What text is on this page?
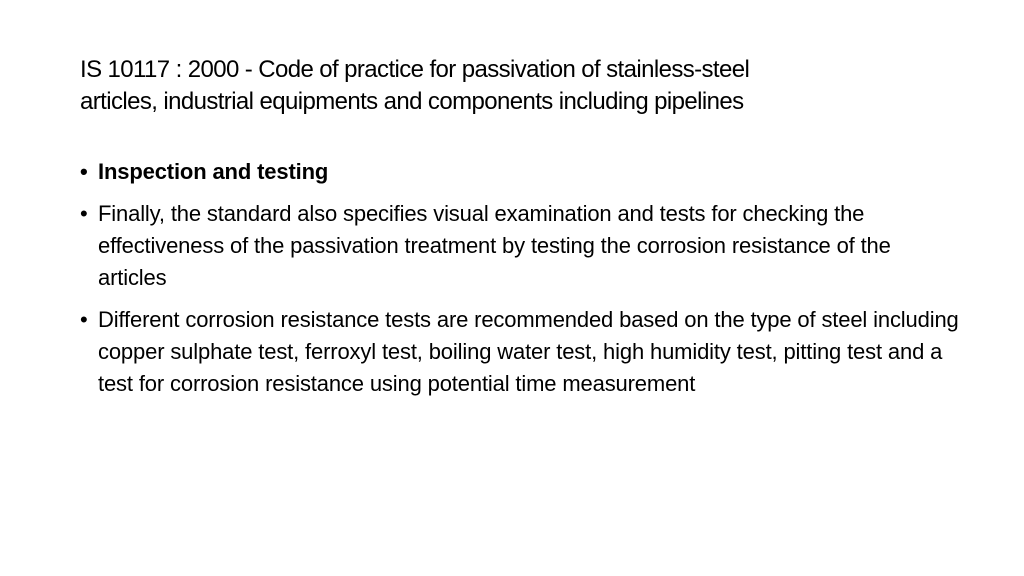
IS 10117 : 2000 - Code of practice for passivation of stainless-steel
articles, industrial equipments and components including pipelines
• Inspection and testing
• Finally, the standard also specifies visual examination and tests for checking the effectiveness of the passivation treatment by testing the corrosion resistance of the articles
• Different corrosion resistance tests are recommended based on the type of steel including copper sulphate test, ferroxyl test, boiling water test, high humidity test, pitting test and a test for corrosion resistance using potential time measurement
